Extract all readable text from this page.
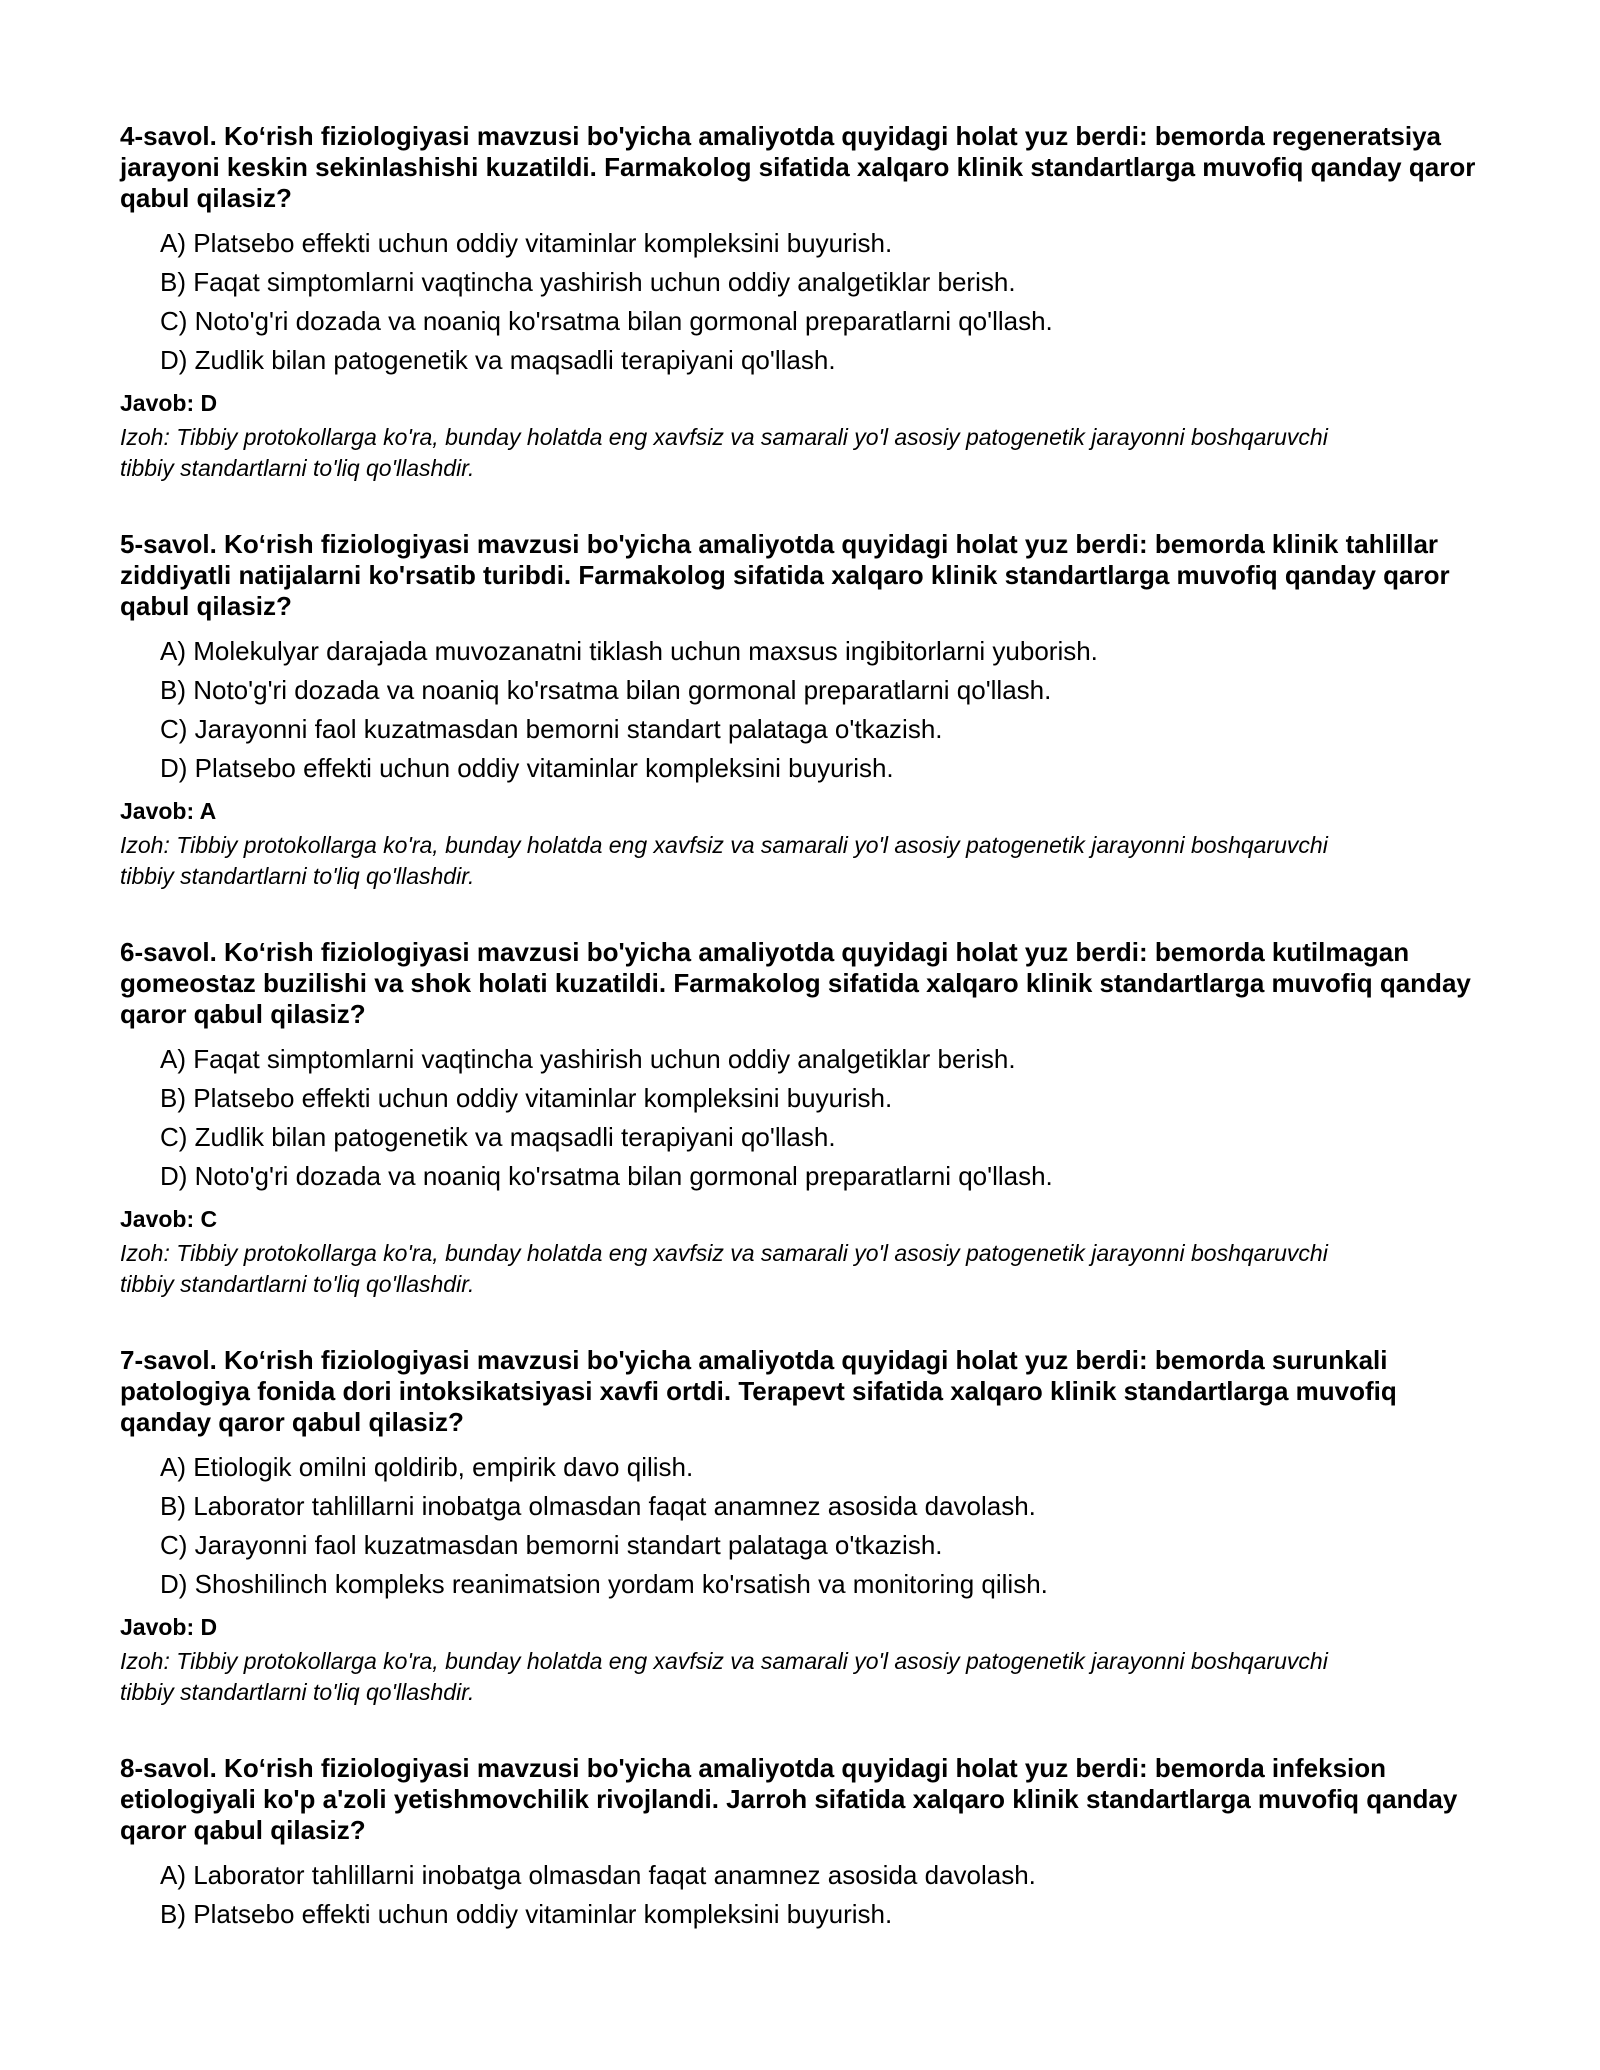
4-savol. Ko‘rish fiziologiyasi mavzusi bo'yicha amaliyotda quyidagi holat yuz berdi: bemorda regeneratsiya jarayoni keskin sekinlashishi kuzatildi. Farmakolog sifatida xalqaro klinik standartlarga muvofiq qanday qaror qabul qilasiz?

A) Platsebo effekti uchun oddiy vitaminlar kompleksini buyurish.
B) Faqat simptomlarni vaqtincha yashirish uchun oddiy analgetiklar berish.
C) Noto'g'ri dozada va noaniq ko'rsatma bilan gormonal preparatlarni qo'llash.
D) Zudlik bilan patogenetik va maqsadli terapiyani qo'llash.

Javob: D

Izoh: Tibbiy protokollarga ko'ra, bunday holatda eng xavfsiz va samarali yo'l asosiy patogenetik jarayonni boshqaruvchi tibbiy standartlarni to'liq qo'llashdir.

5-savol. Ko‘rish fiziologiyasi mavzusi bo'yicha amaliyotda quyidagi holat yuz berdi: bemorda klinik tahlillar ziddiyatli natijalarni ko'rsatib turibdi. Farmakolog sifatida xalqaro klinik standartlarga muvofiq qanday qaror qabul qilasiz?

A) Molekulyar darajada muvozanatni tiklash uchun maxsus ingibitorlarni yuborish.
B) Noto'g'ri dozada va noaniq ko'rsatma bilan gormonal preparatlarni qo'llash.
C) Jarayonni faol kuzatmasdan bemorni standart palataga o'tkazish.
D) Platsebo effekti uchun oddiy vitaminlar kompleksini buyurish.

Javob: A

Izoh: Tibbiy protokollarga ko'ra, bunday holatda eng xavfsiz va samarali yo'l asosiy patogenetik jarayonni boshqaruvchi tibbiy standartlarni to'liq qo'llashdir.

6-savol. Ko‘rish fiziologiyasi mavzusi bo'yicha amaliyotda quyidagi holat yuz berdi: bemorda kutilmagan gomeostaz buzilishi va shok holati kuzatildi. Farmakolog sifatida xalqaro klinik standartlarga muvofiq qanday qaror qabul qilasiz?

A) Faqat simptomlarni vaqtincha yashirish uchun oddiy analgetiklar berish.
B) Platsebo effekti uchun oddiy vitaminlar kompleksini buyurish.
C) Zudlik bilan patogenetik va maqsadli terapiyani qo'llash.
D) Noto'g'ri dozada va noaniq ko'rsatma bilan gormonal preparatlarni qo'llash.

Javob: C

Izoh: Tibbiy protokollarga ko'ra, bunday holatda eng xavfsiz va samarali yo'l asosiy patogenetik jarayonni boshqaruvchi tibbiy standartlarni to'liq qo'llashdir.

7-savol. Ko‘rish fiziologiyasi mavzusi bo'yicha amaliyotda quyidagi holat yuz berdi: bemorda surunkali patologiya fonida dori intoksikatsiyasi xavfi ortdi. Terapevt sifatida xalqaro klinik standartlarga muvofiq qanday qaror qabul qilasiz?

A) Etiologik omilni qoldirib, empirik davo qilish.
B) Laborator tahlillarni inobatga olmasdan faqat anamnez asosida davolash.
C) Jarayonni faol kuzatmasdan bemorni standart palataga o'tkazish.
D) Shoshilinch kompleks reanimatsion yordam ko'rsatish va monitoring qilish.

Javob: D

Izoh: Tibbiy protokollarga ko'ra, bunday holatda eng xavfsiz va samarali yo'l asosiy patogenetik jarayonni boshqaruvchi tibbiy standartlarni to'liq qo'llashdir.

8-savol. Ko‘rish fiziologiyasi mavzusi bo'yicha amaliyotda quyidagi holat yuz berdi: bemorda infeksion etiologiyali ko'p a'zoli yetishmovchilik rivojlandi. Jarroh sifatida xalqaro klinik standartlarga muvofiq qanday qaror qabul qilasiz?

A) Laborator tahlillarni inobatga olmasdan faqat anamnez asosida davolash.
B) Platsebo effekti uchun oddiy vitaminlar kompleksini buyurish.
